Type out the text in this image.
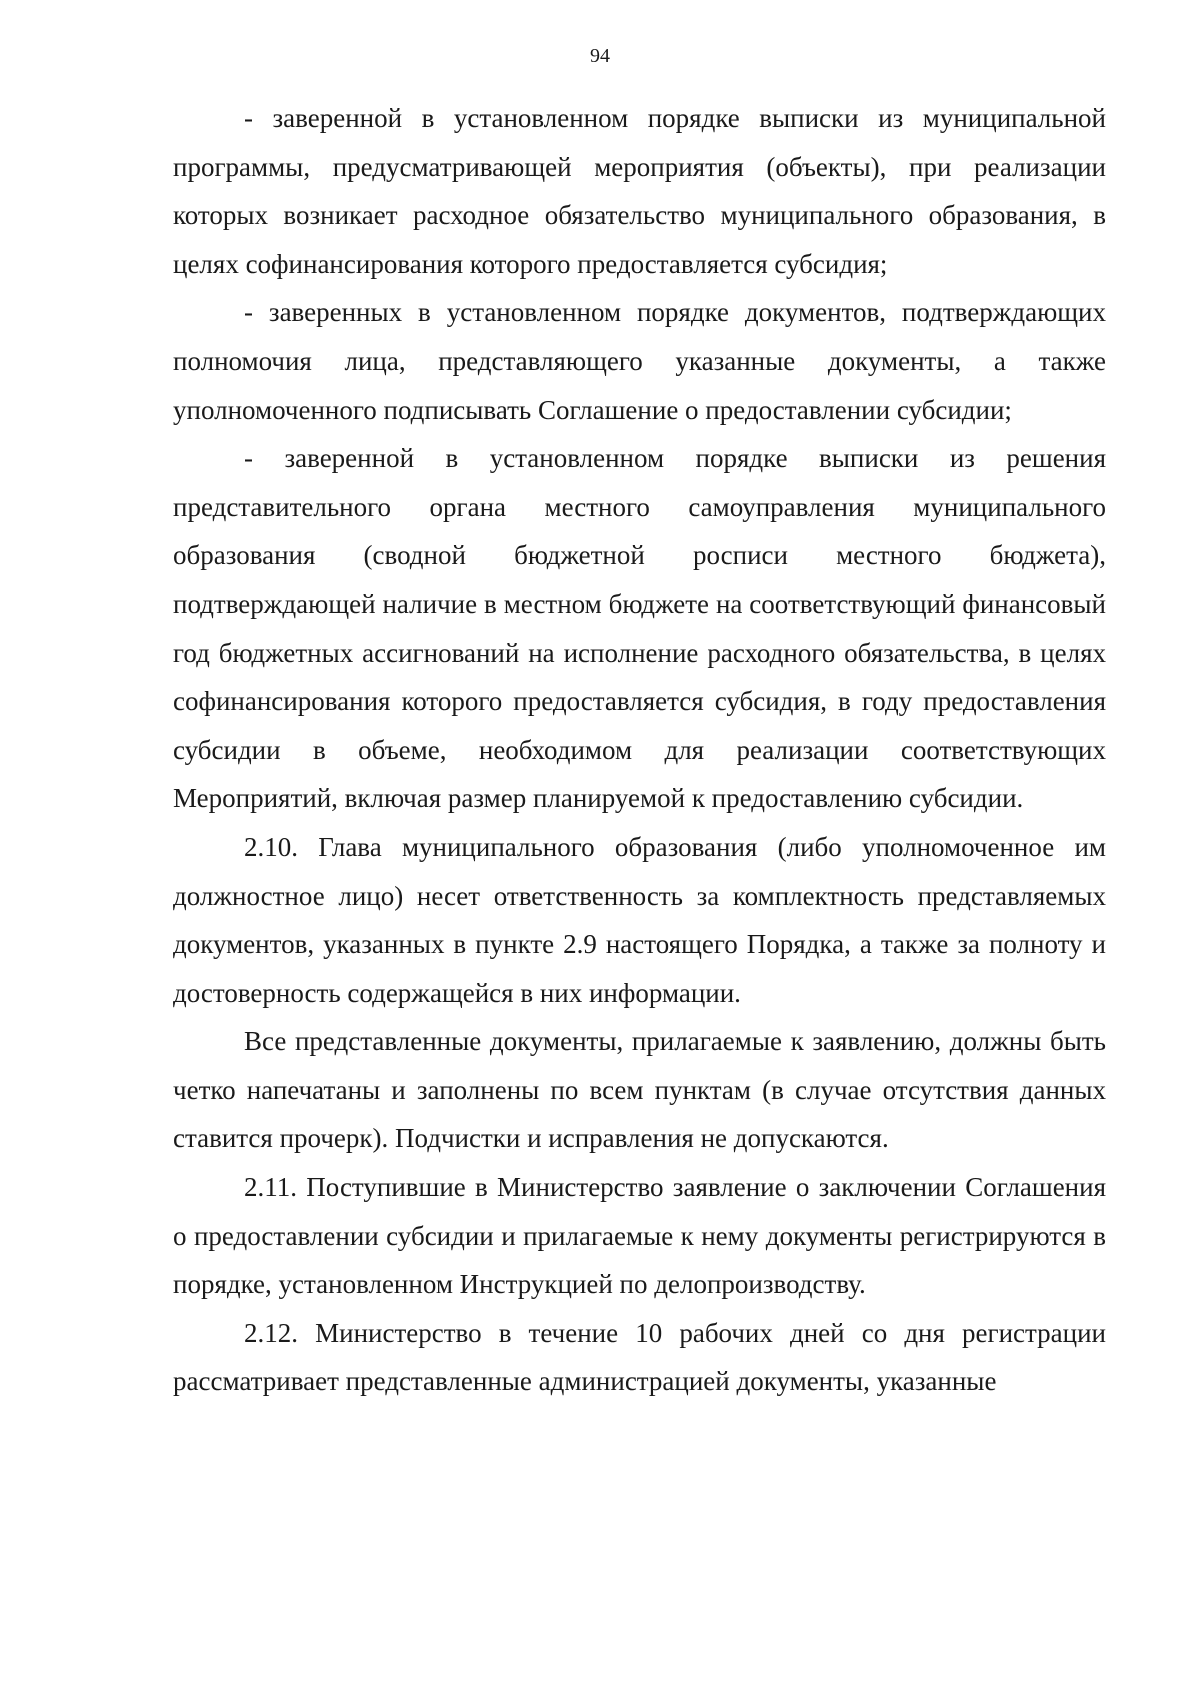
94

- заверенной в установленном порядке выписки из муниципальной программы, предусматривающей мероприятия (объекты), при реализации которых возникает расходное обязательство муниципального образования, в целях софинансирования которого предоставляется субсидия;

- заверенных в установленном порядке документов, подтверждающих полномочия лица, представляющего указанные документы, а также уполномоченного подписывать Соглашение о предоставлении субсидии;

- заверенной в установленном порядке выписки из решения представительного органа местного самоуправления муниципального образования (сводной бюджетной росписи местного бюджета), подтверждающей наличие в местном бюджете на соответствующий финансовый год бюджетных ассигнований на исполнение расходного обязательства, в целях софинансирования которого предоставляется субсидия, в году предоставления субсидии в объеме, необходимом для реализации соответствующих Мероприятий, включая размер планируемой к предоставлению субсидии.

2.10. Глава муниципального образования (либо уполномоченное им должностное лицо) несет ответственность за комплектность представляемых документов, указанных в пункте 2.9 настоящего Порядка, а также за полноту и достоверность содержащейся в них информации.

Все представленные документы, прилагаемые к заявлению, должны быть четко напечатаны и заполнены по всем пунктам (в случае отсутствия данных ставится прочерк). Подчистки и исправления не допускаются.

2.11. Поступившие в Министерство заявление о заключении Соглашения о предоставлении субсидии и прилагаемые к нему документы регистрируются в порядке, установленном Инструкцией по делопроизводству.

2.12. Министерство в течение 10 рабочих дней со дня регистрации рассматривает представленные администрацией документы, указанные
